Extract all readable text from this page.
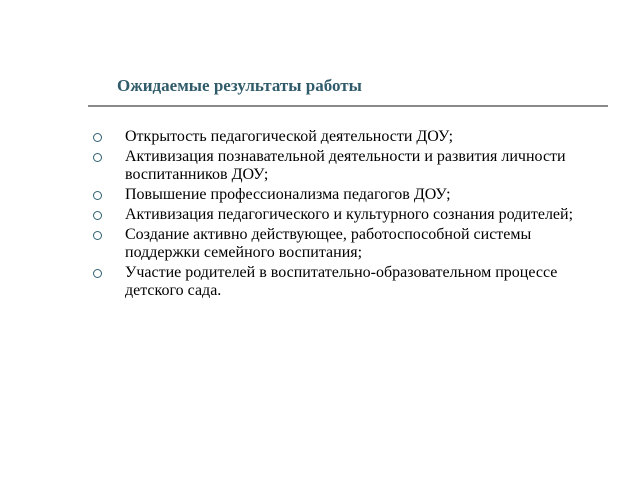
Ожидаемые результаты работы
Открытость педагогической деятельности ДОУ;
Активизация познавательной деятельности и развития личности воспитанников ДОУ;
Повышение профессионализма педагогов ДОУ;
Активизация педагогического и культурного сознания родителей;
Создание активно действующее, работоспособной системы поддержки семейного воспитания;
Участие родителей в воспитательно-образовательном процессе детского сада.
